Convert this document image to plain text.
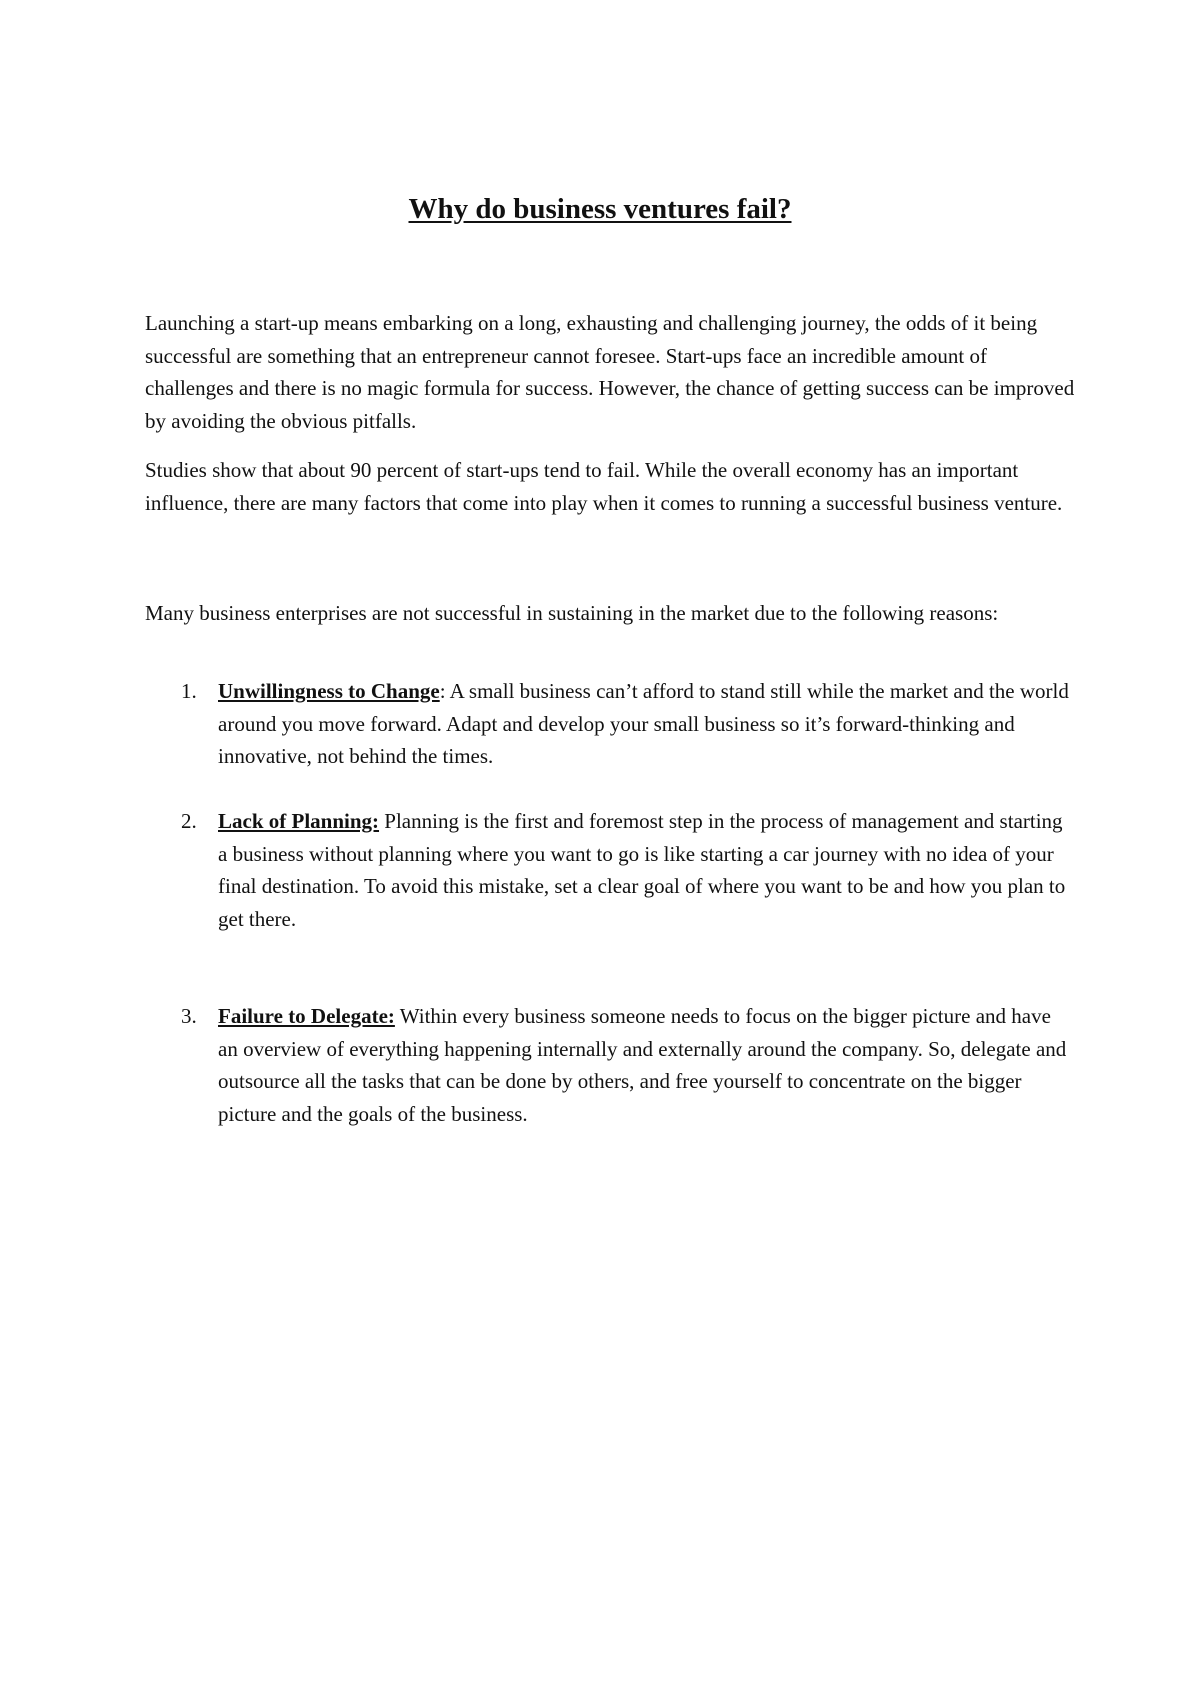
Why do business ventures fail?

Launching a start-up means embarking on a long, exhausting and challenging journey, the odds of it being successful are something that an entrepreneur cannot foresee. Start-ups face an incredible amount of challenges and there is no magic formula for success. However, the chance of getting success can be improved by avoiding the obvious pitfalls.

Studies show that about 90 percent of start-ups tend to fail. While the overall economy has an important influence, there are many factors that come into play when it comes to running a successful business venture.

Many business enterprises are not successful in sustaining in the market due to the following reasons:

1. Unwillingness to Change: A small business can’t afford to stand still while the market and the world around you move forward. Adapt and develop your small business so it’s forward-thinking and innovative, not behind the times.
2. Lack of Planning: Planning is the first and foremost step in the process of management and starting a business without planning where you want to go is like starting a car journey with no idea of your final destination. To avoid this mistake, set a clear goal of where you want to be and how you plan to get there.
3. Failure to Delegate: Within every business someone needs to focus on the bigger picture and have an overview of everything happening internally and externally around the company. So, delegate and outsource all the tasks that can be done by others, and free yourself to concentrate on the bigger picture and the goals of the business.
